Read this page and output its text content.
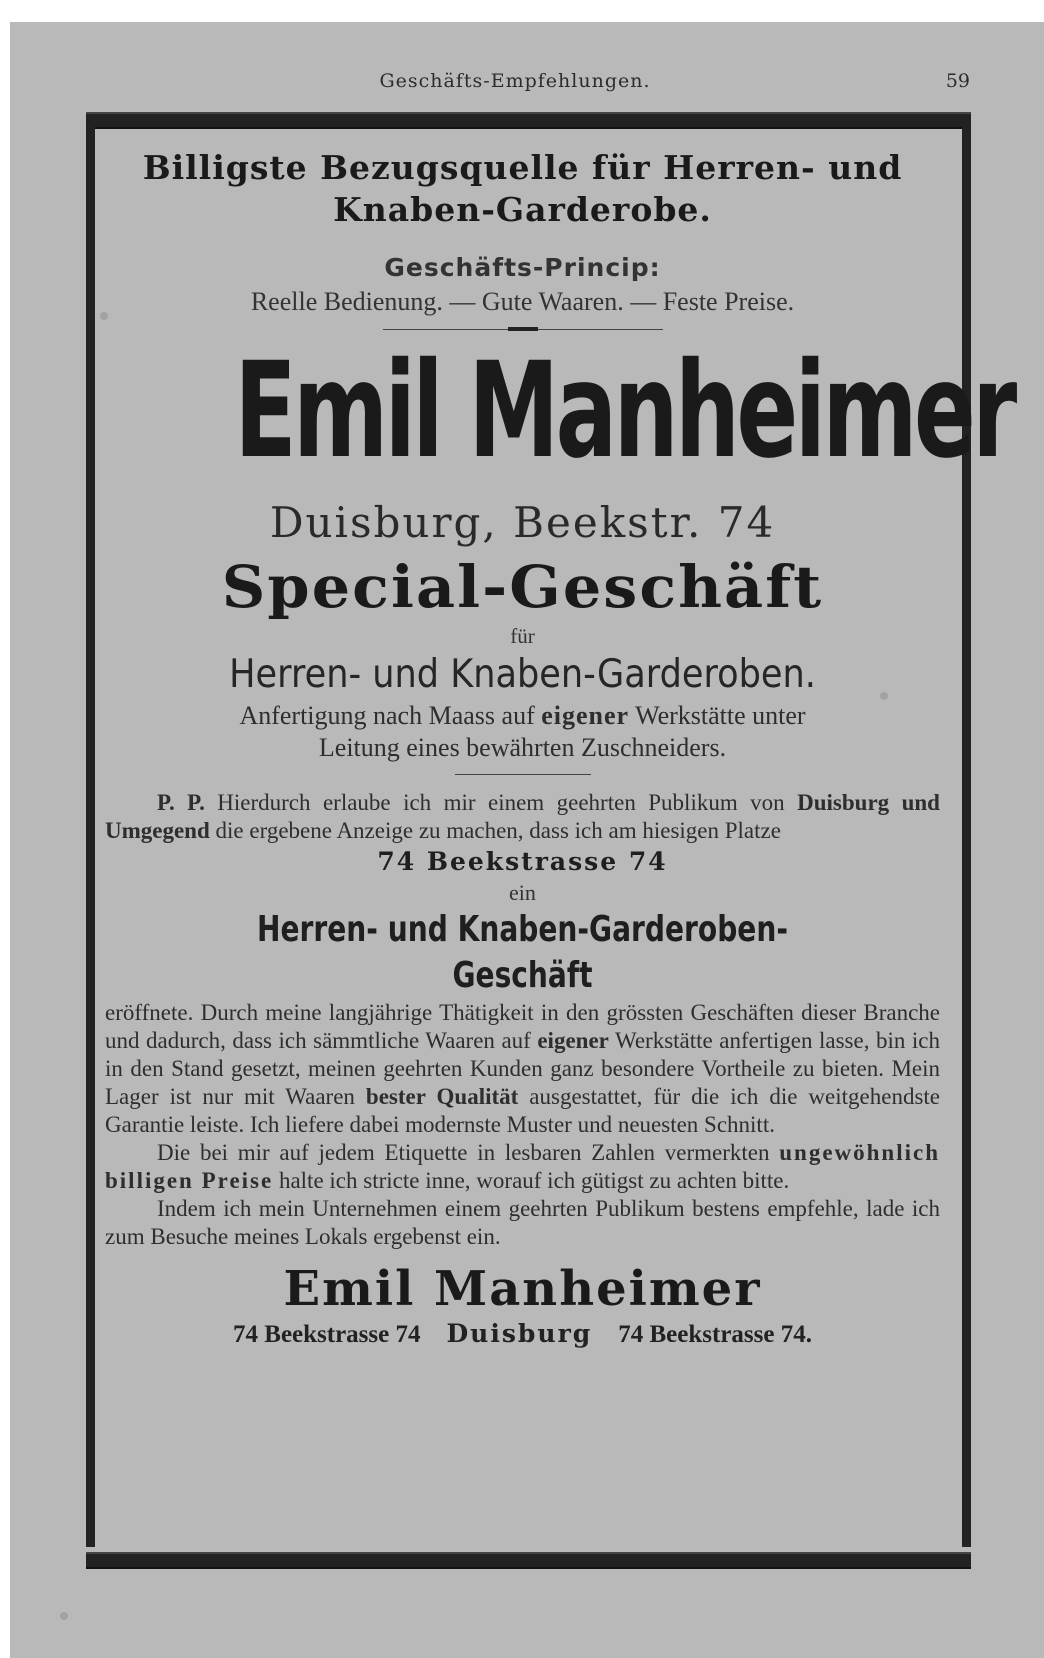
Geschäfts-Empfehlungen.	59

Billigste Bezugsquelle für Herren- und

Knaben-Garderobe.

Geschäfts-Princip:

Reelle Bedienung. — Gute Waaren. — Feste Preise.

Emil Manheimer

Duisburg, Beekstr. 74

Special-Geschäft

für

Herren- und Knaben-Garderoben.

Anfertigung nach Maass auf eigener Werkstätte unter

Leitung eines bewährten Zuschneiders.

P. P. Hierdurch erlaube ich mir einem geehrten Publikum von Duisburg und Umgegend die ergebene Anzeige zu machen, dass ich am hiesigen Platze

74 Beekstrasse 74

ein

Herren- und Knaben-Garderoben-Geschäft

eröffnete. Durch meine langjährige Thätigkeit in den grössten Geschäften dieser Branche und dadurch, dass ich sämmtliche Waaren auf eigener Werkstätte anfertigen lasse, bin ich in den Stand gesetzt, meinen geehrten Kunden ganz besondere Vortheile zu bieten. Mein Lager ist nur mit Waaren bester Qualität ausgestattet, für die ich die weitgehendste Garantie leiste. Ich liefere dabei modernste Muster und neuesten Schnitt.

Die bei mir auf jedem Etiquette in lesbaren Zahlen vermerkten ungewöhnlich billigen Preise halte ich stricte inne, worauf ich gütigst zu achten bitte.

Indem ich mein Unternehmen einem geehrten Publikum bestens empfehle, lade ich zum Besuche meines Lokals ergebenst ein.

Emil Manheimer

74 Beekstrasse 74 Duisburg 74 Beekstrasse 74.
